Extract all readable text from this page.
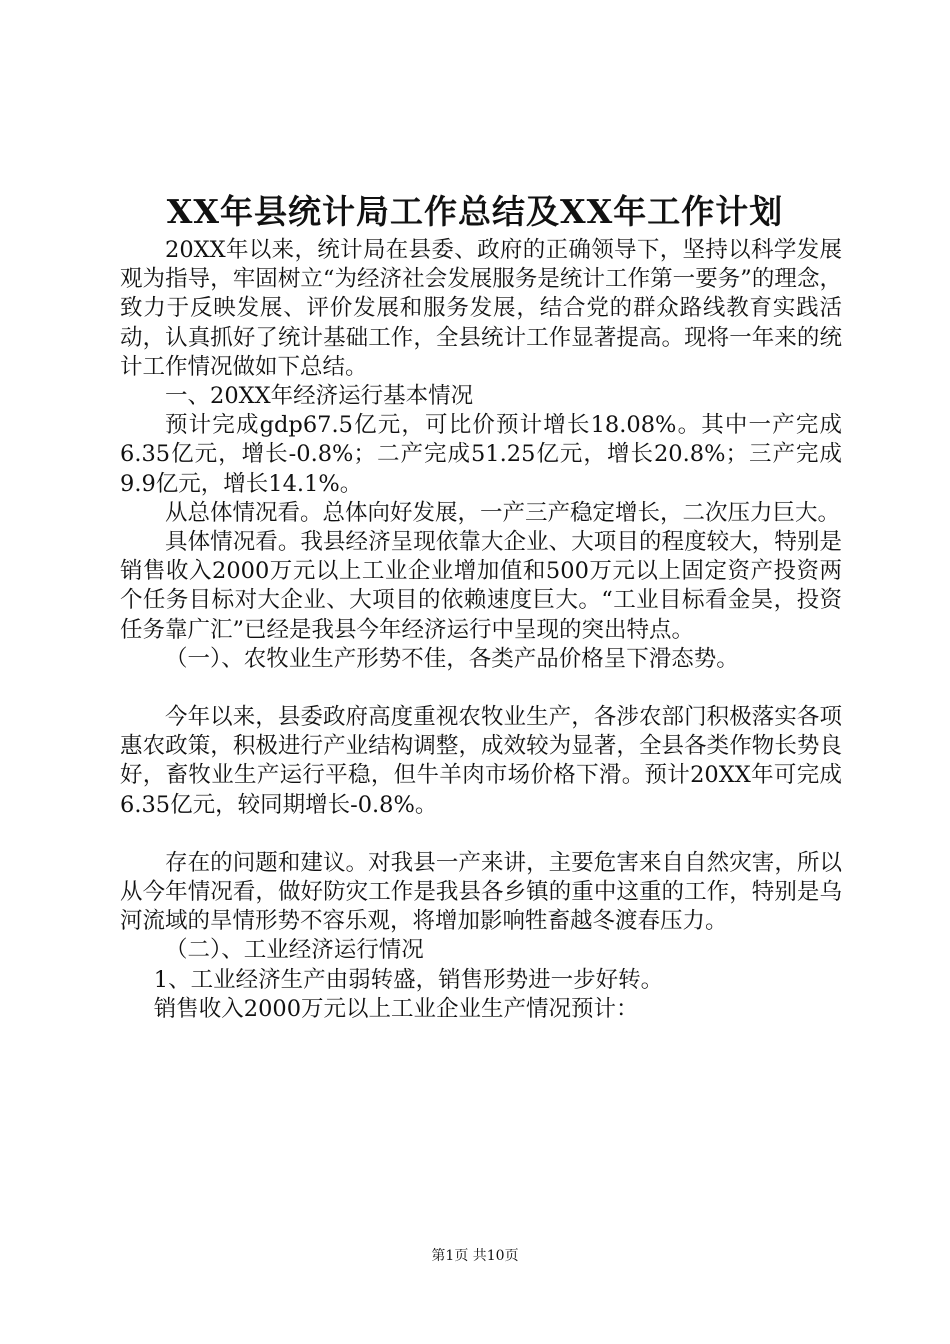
XX年县统计局工作总结及XX年工作计划

20XX年以来，统计局在县委、政府的正确领导下，坚持以科学发展观为指导，牢固树立“为经济社会发展服务是统计工作第一要务”的理念，致力于反映发展、评价发展和服务发展，结合党的群众路线教育实践活动，认真抓好了统计基础工作，全县统计工作显著提高。现将一年来的统计工作情况做如下总结。

一、20XX年经济运行基本情况

预计完成gdp67.5亿元，可比价预计增长18.08%。其中一产完成6.35亿元，增长-0.8%；二产完成51.25亿元，增长20.8%；三产完成9.9亿元，增长14.1%。

从总体情况看。总体向好发展，一产三产稳定增长，二次压力巨大。

具体情况看。我县经济呈现依靠大企业、大项目的程度较大，特别是销售收入2000万元以上工业企业增加值和500万元以上固定资产投资两个任务目标对大企业、大项目的依赖速度巨大。“工业目标看金昊，投资任务靠广汇”已经是我县今年经济运行中呈现的突出特点。

（一）、农牧业生产形势不佳，各类产品价格呈下滑态势。

今年以来，县委政府高度重视农牧业生产，各涉农部门积极落实各项惠农政策，积极进行产业结构调整，成效较为显著，全县各类作物长势良好，畜牧业生产运行平稳，但牛羊肉市场价格下滑。预计20XX年可完成6.35亿元，较同期增长-0.8%。

存在的问题和建议。对我县一产来讲，主要危害来自自然灾害，所以从今年情况看，做好防灾工作是我县各乡镇的重中这重的工作，特别是乌河流域的旱情形势不容乐观，将增加影响牲畜越冬渡春压力。

（二）、工业经济运行情况

1、工业经济生产由弱转盛，销售形势进一步好转。

销售收入2000万元以上工业企业生产情况预计：

第1页 共10页
